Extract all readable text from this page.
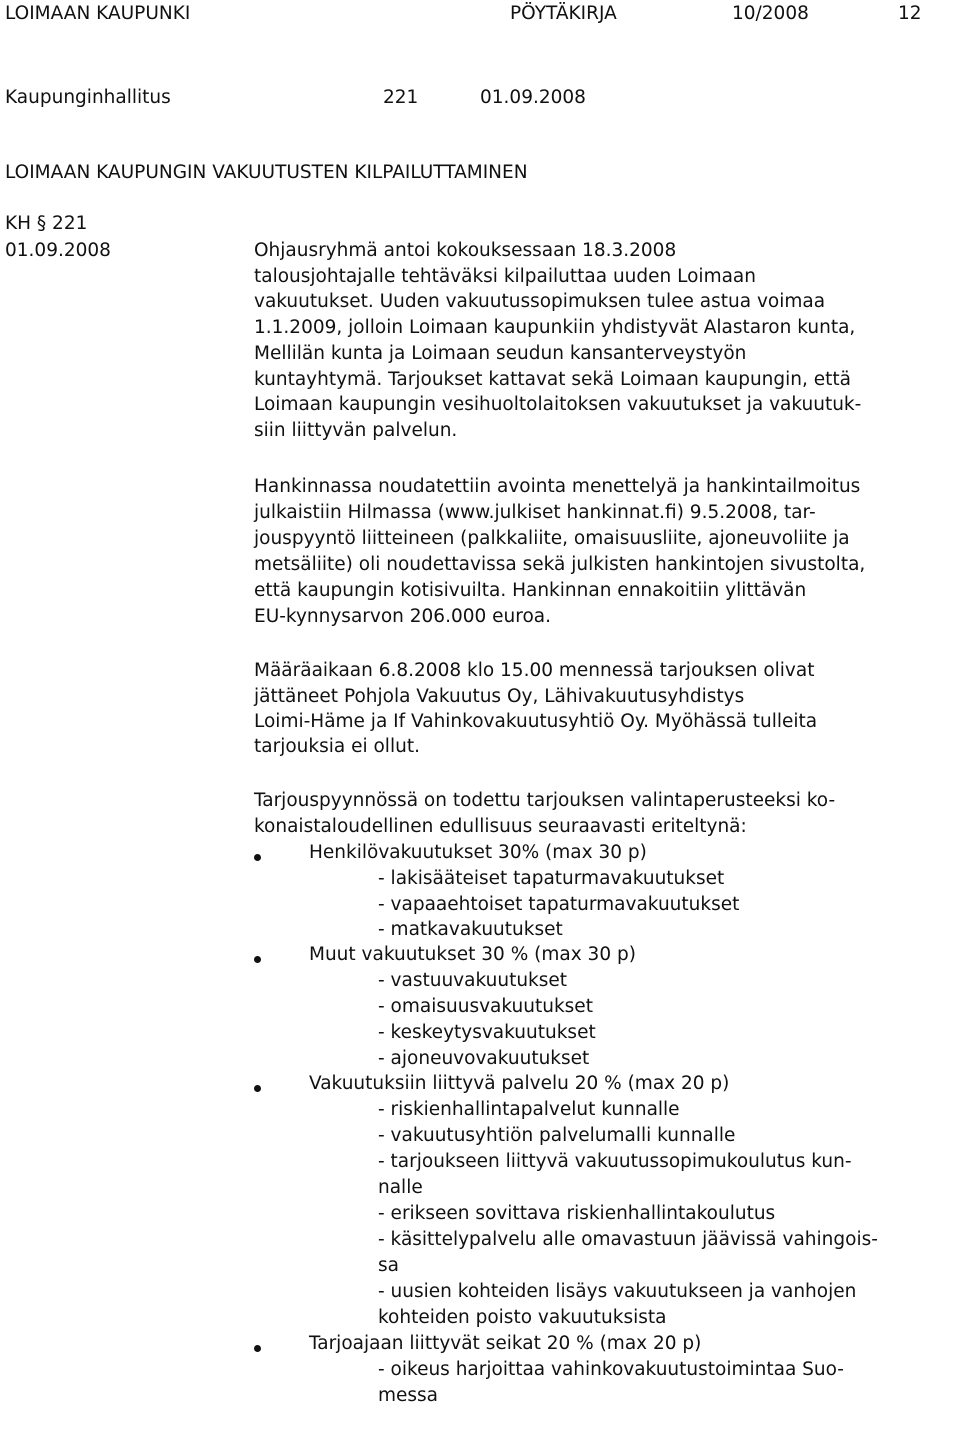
LOIMAAN KAUPUNKI	PÖYTÄKIRJA	10/2008	12
Kaupunginhallitus	221	01.09.2008
LOIMAAN KAUPUNGIN VAKUUTUSTEN KILPAILUTTAMINEN
KH § 221
01.09.2008	Ohjausryhmä antoi kokouksessaan 18.3.2008
talousjohtajalle tehtäväksi kilpailuttaa uuden Loimaan
vakuutukset. Uuden vakuutussopimuksen tulee astua voimaa
1.1.2009, jolloin Loimaan kaupunkiin yhdistyvät Alastaron kunta,
Mellilän kunta ja Loimaan seudun kansanterveystyön
kuntayhtymä. Tarjoukset kattavat sekä Loimaan kaupungin, että
Loimaan kaupungin vesihuoltolaitoksen vakuutukset ja vakuutuk-
siin liittyvän palvelun.
Hankinnassa noudatettiin avointa menettelyä ja hankintailmoitus
julkaistiin Hilmassa (www.julkiset hankinnat.fi) 9.5.2008, tar-
jouspyyntö liitteineen (palkkaliite, omaisuusliite, ajoneuvoliite ja
metsäliite) oli noudettavissa sekä julkisten hankintojen sivustolta,
että kaupungin kotisivuilta. Hankinnan ennakoitiin ylittävän
EU-kynnysarvon 206.000 euroa.
Määräaikaan 6.8.2008 klo 15.00 mennessä tarjouksen olivat
jättäneet Pohjola Vakuutus Oy, Lähivakuutusyhdistys
Loimi-Häme ja If Vahinkovakuutusyhtiö Oy. Myöhässä tulleita
tarjouksia ei ollut.
Tarjouspyynnössä on todettu tarjouksen valintaperusteeksi ko-
konaistaloudellinen edullisuus seuraavasti eriteltynä:
Henkilövakuutukset 30% (max 30 p)
- lakisääteiset tapaturmavakuutukset
- vapaaehtoiset tapaturmavakuutukset
- matkavakuutukset
Muut vakuutukset 30 % (max 30 p)
- vastuuvakuutukset
- omaisuusvakuutukset
- keskeytysvakuutukset
- ajoneuvovakuutukset
Vakuutuksiin liittyvä palvelu 20 % (max 20 p)
- riskienhallintapalvelut kunnalle
- vakuutusyhtiön palvelumalli kunnalle
- tarjoukseen liittyvä vakuutussopimukoulutus kun-
nalle
- erikseen sovittava riskienhallintakoulutus
- käsittelypalvelu alle omavastuun jäävissä vahingois-
sa
- uusien kohteiden lisäys vakuutukseen ja vanhojen
kohteiden poisto vakuutuksista
Tarjoajaan liittyvät seikat 20 % (max 20 p)
- oikeus harjoittaa vahinkovakuutustoimintaa Suo-
messa
